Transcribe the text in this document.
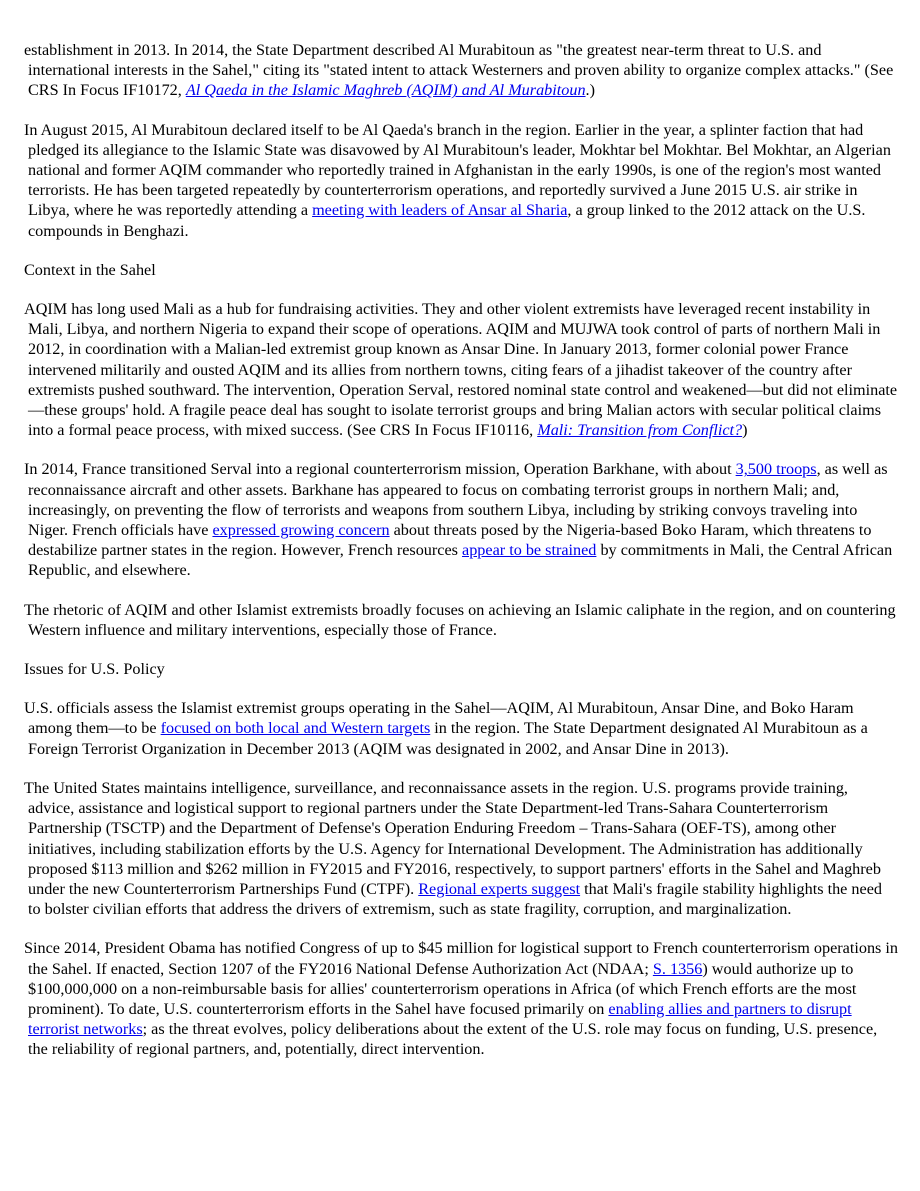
establishment in 2013. In 2014, the State Department described Al Murabitoun as "the greatest near-term threat to U.S. and international interests in the Sahel," citing its "stated intent to attack Westerners and proven ability to organize complex attacks." (See CRS In Focus IF10172, Al Qaeda in the Islamic Maghreb (AQIM) and Al Murabitoun.)

In August 2015, Al Murabitoun declared itself to be Al Qaeda's branch in the region. Earlier in the year, a splinter faction that had pledged its allegiance to the Islamic State was disavowed by Al Murabitoun's leader, Mokhtar bel Mokhtar. Bel Mokhtar, an Algerian national and former AQIM commander who reportedly trained in Afghanistan in the early 1990s, is one of the region's most wanted terrorists. He has been targeted repeatedly by counterterrorism operations, and reportedly survived a June 2015 U.S. air strike in Libya, where he was reportedly attending a meeting with leaders of Ansar al Sharia, a group linked to the 2012 attack on the U.S. compounds in Benghazi.

Context in the Sahel

AQIM has long used Mali as a hub for fundraising activities. They and other violent extremists have leveraged recent instability in Mali, Libya, and northern Nigeria to expand their scope of operations. AQIM and MUJWA took control of parts of northern Mali in 2012, in coordination with a Malian-led extremist group known as Ansar Dine. In January 2013, former colonial power France intervened militarily and ousted AQIM and its allies from northern towns, citing fears of a jihadist takeover of the country after extremists pushed southward. The intervention, Operation Serval, restored nominal state control and weakened—but did not eliminate—these groups' hold. A fragile peace deal has sought to isolate terrorist groups and bring Malian actors with secular political claims into a formal peace process, with mixed success. (See CRS In Focus IF10116, Mali: Transition from Conflict?)

In 2014, France transitioned Serval into a regional counterterrorism mission, Operation Barkhane, with about 3,500 troops, as well as reconnaissance aircraft and other assets. Barkhane has appeared to focus on combating terrorist groups in northern Mali; and, increasingly, on preventing the flow of terrorists and weapons from southern Libya, including by striking convoys traveling into Niger. French officials have expressed growing concern about threats posed by the Nigeria-based Boko Haram, which threatens to destabilize partner states in the region. However, French resources appear to be strained by commitments in Mali, the Central African Republic, and elsewhere.

The rhetoric of AQIM and other Islamist extremists broadly focuses on achieving an Islamic caliphate in the region, and on countering Western influence and military interventions, especially those of France.

Issues for U.S. Policy

U.S. officials assess the Islamist extremist groups operating in the Sahel—AQIM, Al Murabitoun, Ansar Dine, and Boko Haram among them—to be focused on both local and Western targets in the region. The State Department designated Al Murabitoun as a Foreign Terrorist Organization in December 2013 (AQIM was designated in 2002, and Ansar Dine in 2013).

The United States maintains intelligence, surveillance, and reconnaissance assets in the region. U.S. programs provide training, advice, assistance and logistical support to regional partners under the State Department-led Trans-Sahara Counterterrorism Partnership (TSCTP) and the Department of Defense's Operation Enduring Freedom – Trans-Sahara (OEF-TS), among other initiatives, including stabilization efforts by the U.S. Agency for International Development. The Administration has additionally proposed $113 million and $262 million in FY2015 and FY2016, respectively, to support partners' efforts in the Sahel and Maghreb under the new Counterterrorism Partnerships Fund (CTPF). Regional experts suggest that Mali's fragile stability highlights the need to bolster civilian efforts that address the drivers of extremism, such as state fragility, corruption, and marginalization.

Since 2014, President Obama has notified Congress of up to $45 million for logistical support to French counterterrorism operations in the Sahel. If enacted, Section 1207 of the FY2016 National Defense Authorization Act (NDAA; S. 1356) would authorize up to $100,000,000 on a non-reimbursable basis for allies' counterterrorism operations in Africa (of which French efforts are the most prominent). To date, U.S. counterterrorism efforts in the Sahel have focused primarily on enabling allies and partners to disrupt terrorist networks; as the threat evolves, policy deliberations about the extent of the U.S. role may focus on funding, U.S. presence, the reliability of regional partners, and, potentially, direct intervention.
